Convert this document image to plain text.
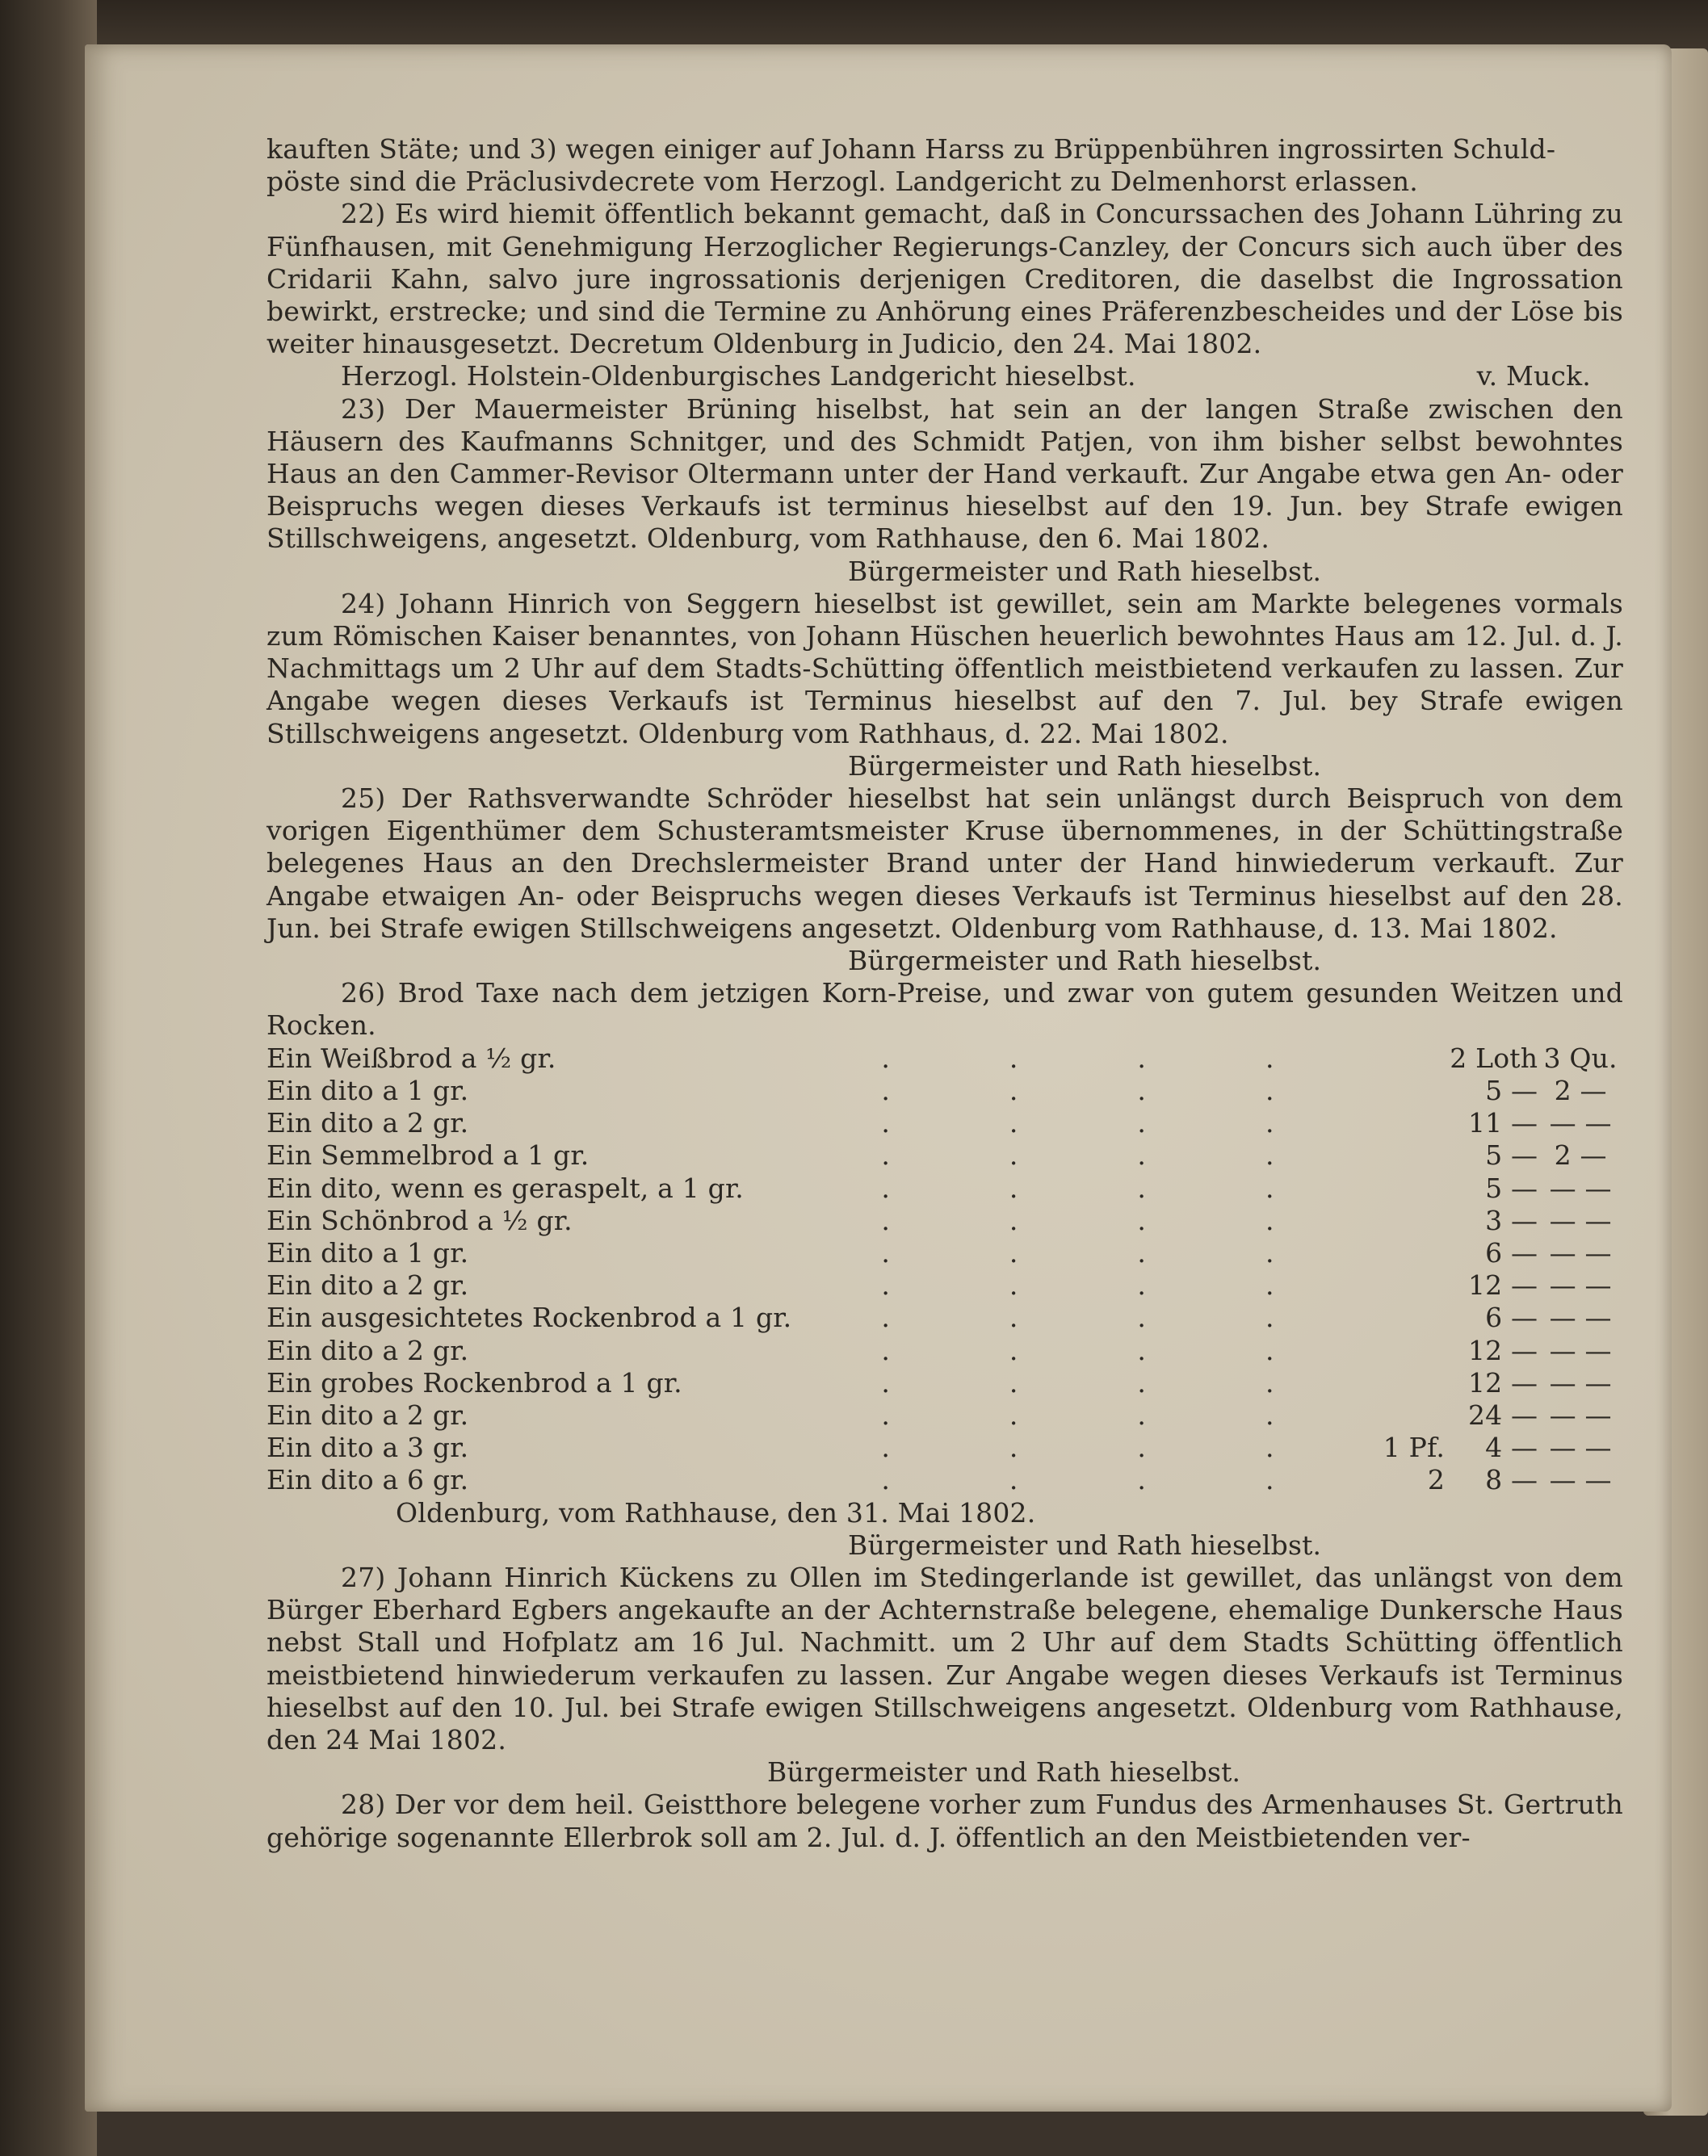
kauften Stäte; und 3) wegen einiger auf Johann Harss zu Brüppenbühren ingrossirten Schuld-

pöste sind die Präclusivdecrete vom Herzogl. Landgericht zu Delmenhorst erlassen.

22) Es wird hiemit öffentlich bekannt gemacht, daß in Concurssachen des Johann Lühring zu Fünfhausen, mit Genehmigung Herzoglicher Regierungs-Canzley, der Concurs sich auch über des Cridarii Kahn, salvo jure ingrossationis derjenigen Creditoren, die daselbst die Ingrossation bewirkt, erstrecke; und sind die Termine zu Anhörung eines Präferenzbescheides und der Löse bis weiter hinausgesetzt. Decretum Oldenburg in Judicio, den 24. Mai 1802.

Herzogl. Holstein-Oldenburgisches Landgericht hieselbst.	v. Muck.

23) Der Mauermeister Brüning hiselbst, hat sein an der langen Straße zwischen den Häusern des Kaufmanns Schnitger, und des Schmidt Patjen, von ihm bisher selbst bewohntes Haus an den Cammer-Revisor Oltermann unter der Hand verkauft. Zur Angabe etwa gen An- oder Beispruchs wegen dieses Verkaufs ist terminus hieselbst auf den 19. Jun. bey Strafe ewigen Stillschweigens, angesetzt. Oldenburg, vom Rathhause, den 6. Mai 1802.

Bürgermeister und Rath hieselbst.

24) Johann Hinrich von Seggern hieselbst ist gewillet, sein am Markte belegenes vormals zum Römischen Kaiser benanntes, von Johann Hüschen heuerlich bewohntes Haus am 12. Jul. d. J. Nachmittags um 2 Uhr auf dem Stadts-Schütting öffentlich meistbietend verkaufen zu lassen. Zur Angabe wegen dieses Verkaufs ist Terminus hieselbst auf den 7. Jul. bey Strafe ewigen Stillschweigens angesetzt. Oldenburg vom Rathhaus, d. 22. Mai 1802.

Bürgermeister und Rath hieselbst.

25) Der Rathsverwandte Schröder hieselbst hat sein unlängst durch Beispruch von dem vorigen Eigenthümer dem Schusteramtsmeister Kruse übernommenes, in der Schüttingstraße belegenes Haus an den Drechslermeister Brand unter der Hand hinwiederum verkauft. Zur Angabe etwaigen An- oder Beispruchs wegen dieses Verkaufs ist Terminus hieselbst auf den 28. Jun. bei Strafe ewigen Stillschweigens angesetzt. Oldenburg vom Rathhause, d. 13. Mai 1802.

Bürgermeister und Rath hieselbst.

26) Brod Taxe nach dem jetzigen Korn-Preise, und zwar von gutem gesunden Weitzen und Rocken.

Ein Weißbrod a ½ gr.	․	․	․	․		2 Loth	3 Qu.
Ein dito a 1 gr.	․	․	․	․		5 —	2 —
Ein dito a 2 gr.	․	․	․	․		11 —	— —
Ein Semmelbrod a 1 gr.	․	․	․	․		5 —	2 —
Ein dito, wenn es geraspelt, a 1 gr.	․	․	․	․		5 —	— —
Ein Schönbrod a ½ gr.	․	․	․	․		3 —	— —
Ein dito a 1 gr.	․	․	․	․		6 —	— —
Ein dito a 2 gr.	․	․	․	․		12 —	— —
Ein ausgesichtetes Rockenbrod a 1 gr.	․	․	․	․		6 —	— —
Ein dito a 2 gr.	․	․	․	․		12 —	— —
Ein grobes Rockenbrod a 1 gr.	․	․	․	․		12 —	— —
Ein dito a 2 gr.	․	․	․	․		24 —	— —
Ein dito a 3 gr.	․	․	․	․	1 Pf.	4 —	— —
Ein dito a 6 gr.	․	․	․	․	2	8 —	— —

Oldenburg, vom Rathhause, den 31. Mai 1802.

Bürgermeister und Rath hieselbst.

27) Johann Hinrich Kückens zu Ollen im Stedingerlande ist gewillet, das unlängst von dem Bürger Eberhard Egbers angekaufte an der Achternstraße belegene, ehemalige Dunkersche Haus nebst Stall und Hofplatz am 16 Jul. Nachmitt. um 2 Uhr auf dem Stadts Schütting öffentlich meistbietend hinwiederum verkaufen zu lassen. Zur Angabe wegen dieses Verkaufs ist Terminus hieselbst auf den 10. Jul. bei Strafe ewigen Stillschweigens angesetzt. Oldenburg vom Rathhause, den 24 Mai 1802.

Bürgermeister und Rath hieselbst.

28) Der vor dem heil. Geistthore belegene vorher zum Fundus des Armenhauses St. Gertruth gehörige sogenannte Ellerbrok soll am 2. Jul. d. J. öffentlich an den Meistbietenden ver-
